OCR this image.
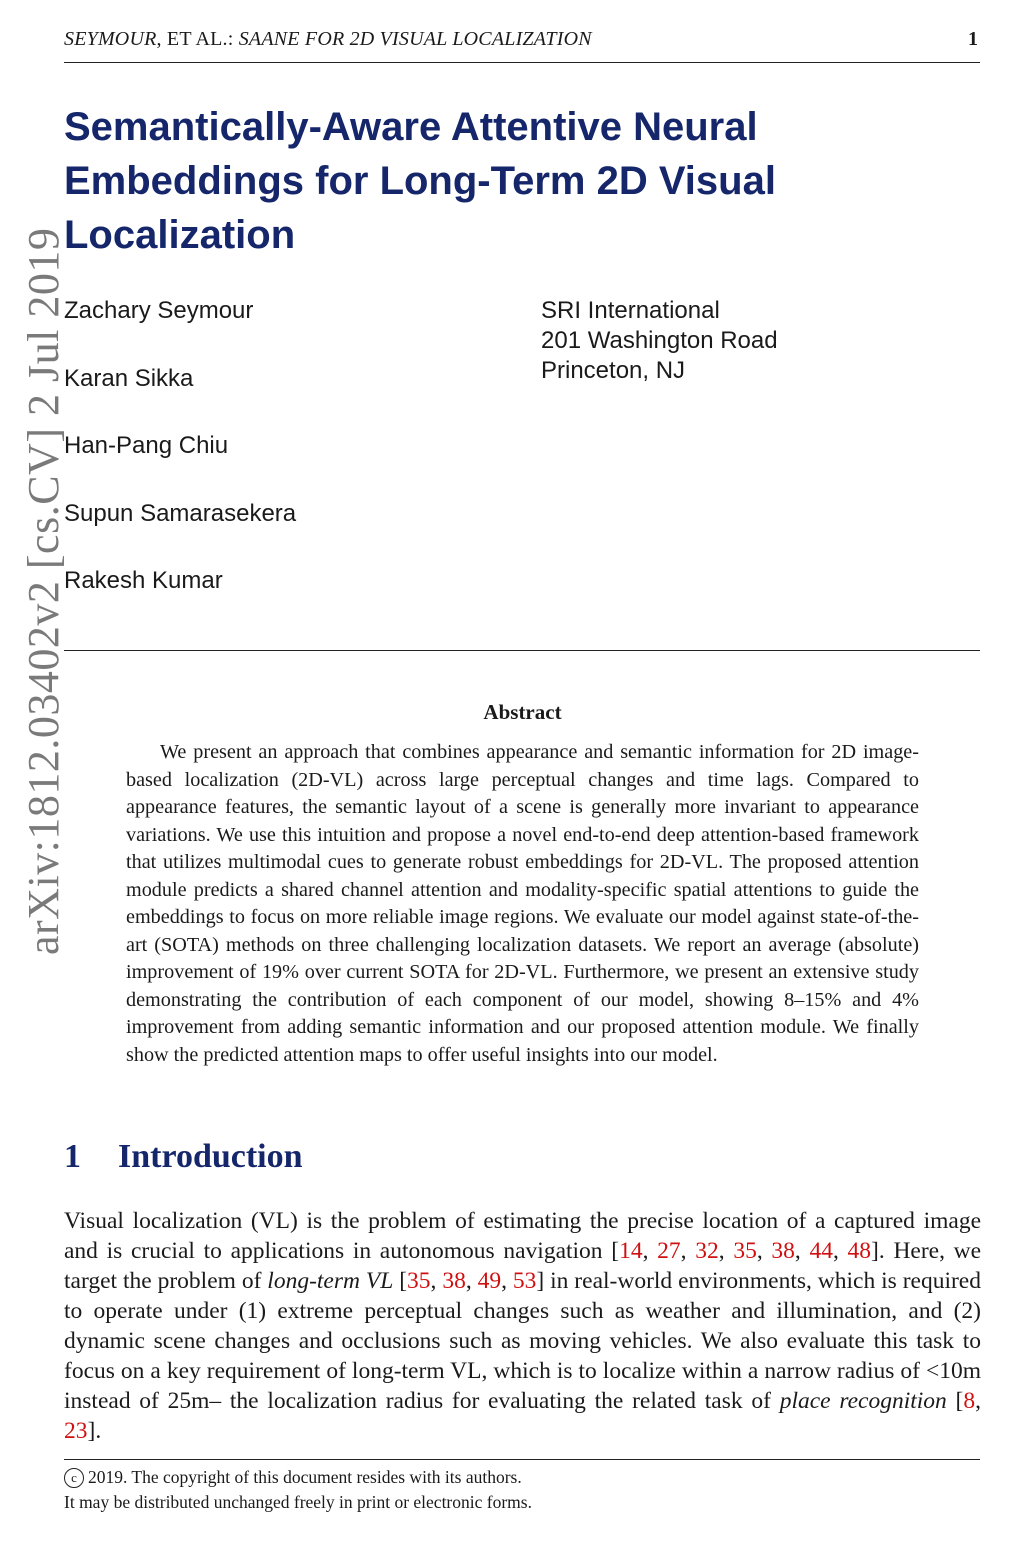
SEYMOUR, ET AL.: SAANE FOR 2D VISUAL LOCALIZATION	1
arXiv:1812.03402v2 [cs.CV] 2 Jul 2019
Semantically-Aware Attentive Neural Embeddings for Long-Term 2D Visual Localization
Zachary Seymour
Karan Sikka
Han-Pang Chiu
Supun Samarasekera
Rakesh Kumar
SRI International
201 Washington Road
Princeton, NJ
Abstract

We present an approach that combines appearance and semantic information for 2D image-based localization (2D-VL) across large perceptual changes and time lags. Compared to appearance features, the semantic layout of a scene is generally more invariant to appearance variations. We use this intuition and propose a novel end-to-end deep attention-based framework that utilizes multimodal cues to generate robust embeddings for 2D-VL. The proposed attention module predicts a shared channel attention and modality-specific spatial attentions to guide the embeddings to focus on more reliable image regions. We evaluate our model against state-of-the-art (SOTA) methods on three challenging localization datasets. We report an average (absolute) improvement of 19% over current SOTA for 2D-VL. Furthermore, we present an extensive study demonstrating the contribution of each component of our model, showing 8–15% and 4% improvement from adding semantic information and our proposed attention module. We finally show the predicted attention maps to offer useful insights into our model.

1 Introduction

Visual localization (VL) is the problem of estimating the precise location of a captured image and is crucial to applications in autonomous navigation [14, 27, 32, 35, 38, 44, 48]. Here, we target the problem of long-term VL [35, 38, 49, 53] in real-world environments, which is required to operate under (1) extreme perceptual changes such as weather and illumination, and (2) dynamic scene changes and occlusions such as moving vehicles. We also evaluate this task to focus on a key requirement of long-term VL, which is to localize within a narrow radius of <10m instead of 25m– the localization radius for evaluating the related task of place recognition [8, 23].

c 2019. The copyright of this document resides with its authors.
It may be distributed unchanged freely in print or electronic forms.
